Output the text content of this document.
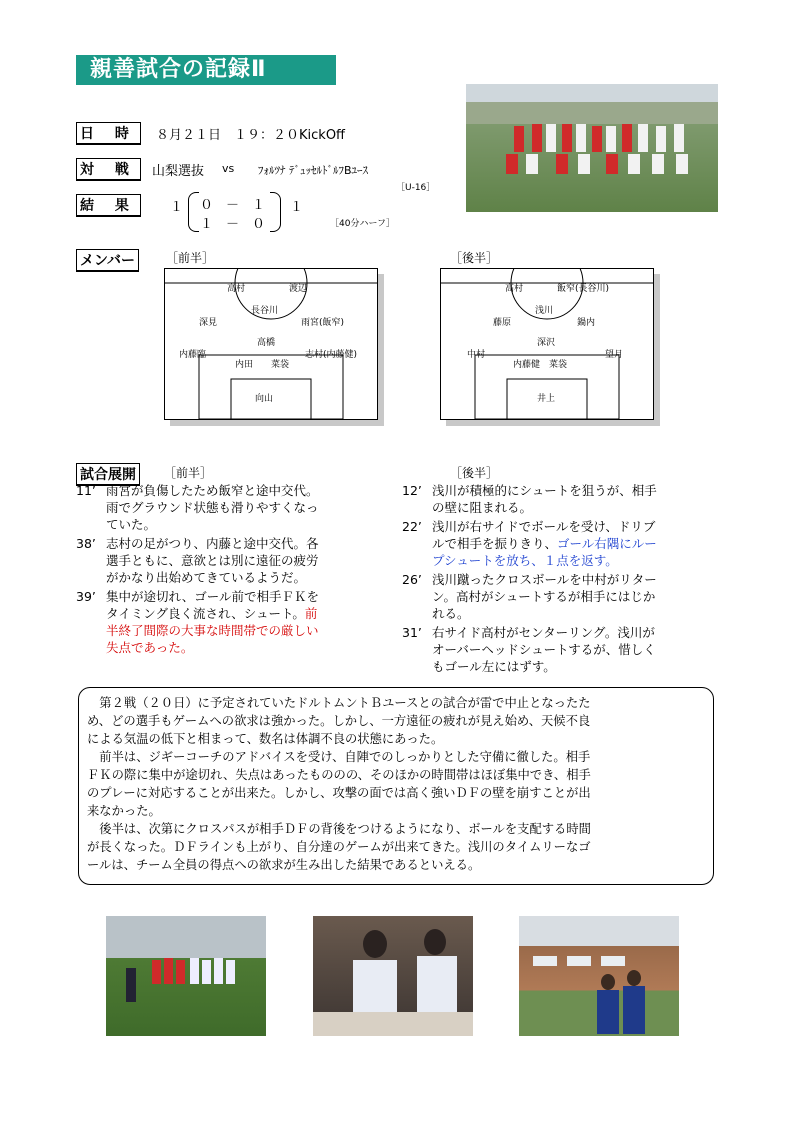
親善試合の記録Ⅱ
日 時	８月２１日　１９：２０KickOff
対 戦	山梨選抜 vs ﾌｫﾙﾂﾅ ﾃﾞｭｯｾﾙﾄﾞﾙﾌBﾕｰｽ
［U-16］
結 果	１ ０　－　１
１　－　０
１
［40分ハーフ］
メンバー	［前半］	［後半］
高村	渡辺
長谷川
深見	雨宮(飯窄)
高橋
内藤臨	志村(内藤健)
内田　　菜袋
向山
高村	飯窄(長谷川)
浅川
藤原	鍋内
深沢
中村	望月
内藤健　菜袋
井上
試合展開	［前半］	［後半］
11’ 雨宮が負傷したため飯窄と途中交代。
雨でグラウンド状態も滑りやすくなっ
ていた。
38’ 志村の足がつり、内藤と途中交代。各
選手ともに、意欲とは別に遠征の疲労
がかなり出始めてきているようだ。
39’ 集中が途切れ、ゴール前で相手ＦＫを
タイミング良く流され、シュート。前
半終了間際の大事な時間帯での厳しい
失点であった。
12’ 浅川が積極的にシュートを狙うが、相手
の壁に阻まれる。
22’ 浅川が右サイドでボールを受け、ドリブ
ルで相手を振りきり、ゴール右隅にルー
プシュートを放ち、１点を返す。
26’ 浅川蹴ったクロスボールを中村がリター
ン。高村がシュートするが相手にはじか
れる。
31’ 右サイド高村がセンターリング。浅川が
オーバーヘッドシュートするが、惜しく
もゴール左にはずす。
　第２戦（２０日）に予定されていたドルトムントＢユースとの試合が雷で中止となったた
め、どの選手もゲームへの欲求は強かった。しかし、一方遠征の疲れが見え始め、天候不良
による気温の低下と相まって、数名は体調不良の状態にあった。
　前半は、ジギーコーチのアドバイスを受け、自陣でのしっかりとした守備に徹した。相手
ＦＫの際に集中が途切れ、失点はあったもののの、そのほかの時間帯はほぼ集中でき、相手
のプレーに対応することが出来た。しかし、攻撃の面では高く強いＤＦの壁を崩すことが出
来なかった。
　後半は、次第にクロスパスが相手ＤＦの背後をつけるようになり、ボールを支配する時間
が長くなった。ＤＦラインも上がり、自分達のゲームが出来てきた。浅川のタイムリーなゴ
ールは、チーム全員の得点への欲求が生み出した結果であるといえる。
